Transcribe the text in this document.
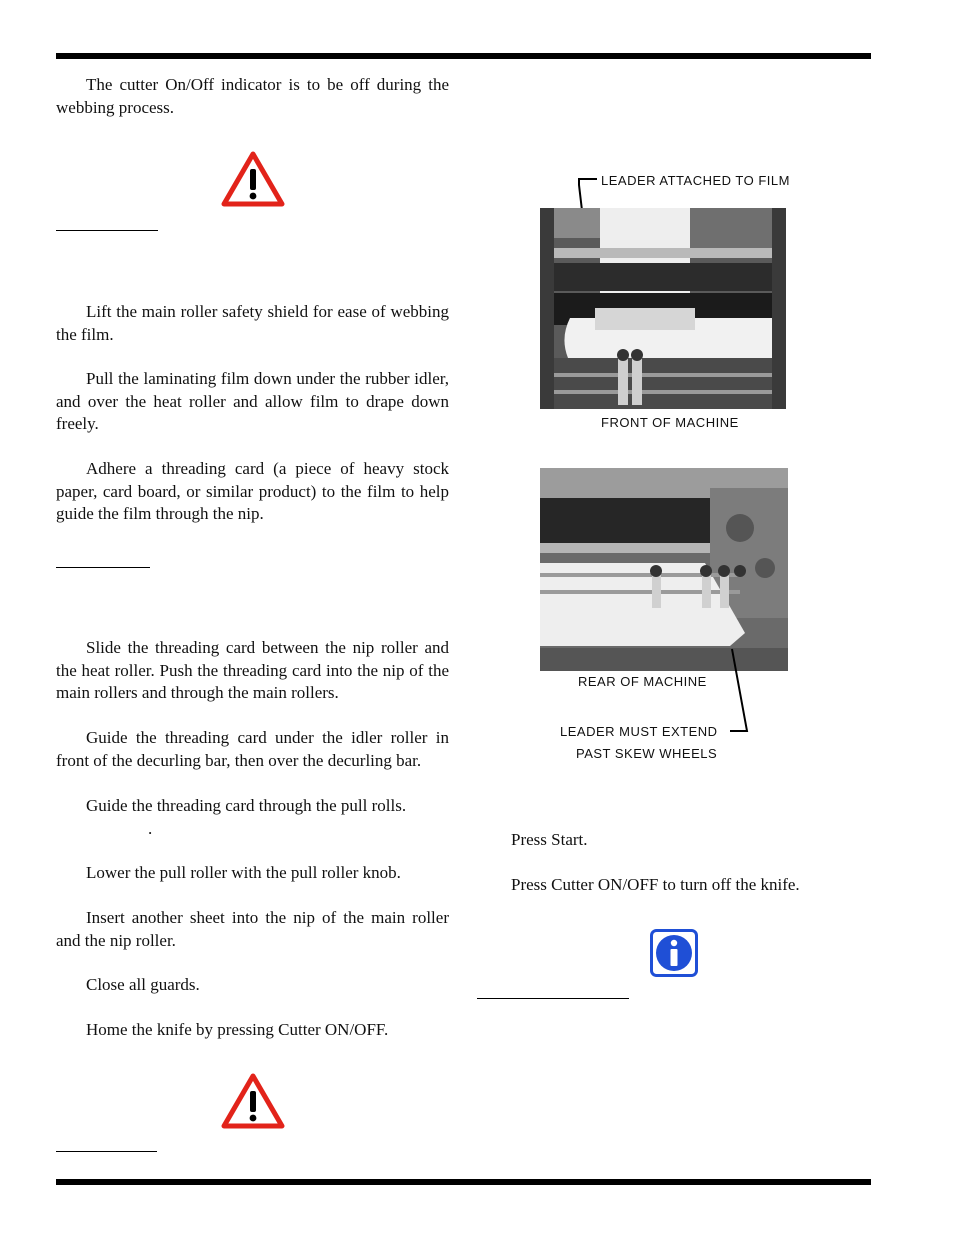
The cutter On/Off indicator is to be off during the webbing process.

Lift the main roller safety shield for ease of webbing the film.

Pull the laminating film down under the rubber idler, and over the heat roller and allow film to drape down freely.

Adhere a threading card (a piece of heavy stock paper, card board, or similar product) to the film to help guide the film through the nip.

Slide the threading card between the nip roller and the heat roller. Push the threading card into the nip of the main rollers and through the main rollers.

Guide the threading card under the idler roller in front of the decurling bar, then over the decurling bar.

Guide the threading card through the pull rolls.

.

Lower the pull roller with the pull roller knob.

Insert another sheet into the nip of the main roller and the nip roller.

Close all guards.

Home the knife by pressing Cutter ON/OFF.

LEADER ATTACHED TO FILM
FRONT OF MACHINE
REAR OF MACHINE
LEADER MUST EXTEND
PAST SKEW WHEELS

Press Start.

Press Cutter ON/OFF to turn off the knife.
